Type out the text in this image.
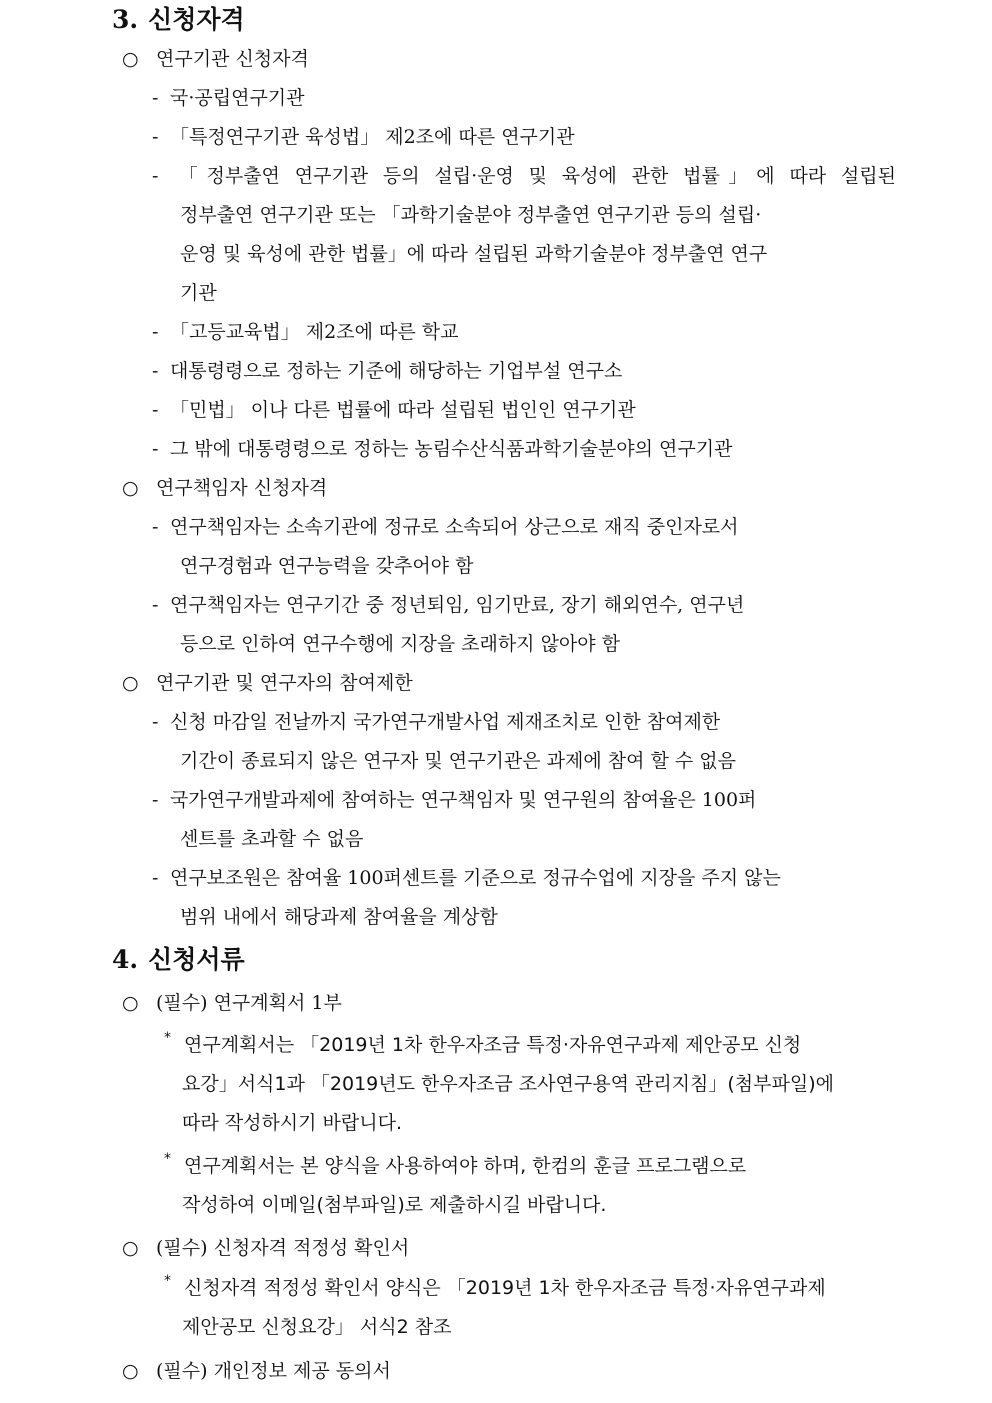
3. 신청자격
○ 연구기관 신청자격
- 국·공립연구기관
- 「특정연구기관 육성법」 제2조에 따른 연구기관
- 「정부출연 연구기관 등의 설립·운영 및 육성에 관한 법률」에 따라 설립된
정부출연 연구기관 또는 「과학기술분야 정부출연 연구기관 등의 설립·
운영 및 육성에 관한 법률」에 따라 설립된 과학기술분야 정부출연 연구
기관
- 「고등교육법」 제2조에 따른 학교
- 대통령령으로 정하는 기준에 해당하는 기업부설 연구소
- 「민법」 이나 다른 법률에 따라 설립된 법인인 연구기관
- 그 밖에 대통령령으로 정하는 농림수산식품과학기술분야의 연구기관
○ 연구책임자 신청자격
- 연구책임자는 소속기관에 정규로 소속되어 상근으로 재직 중인자로서
연구경험과 연구능력을 갖추어야 함
- 연구책임자는 연구기간 중 정년퇴임, 임기만료, 장기 해외연수, 연구년
등으로 인하여 연구수행에 지장을 초래하지 않아야 함
○ 연구기관 및 연구자의 참여제한
- 신청 마감일 전날까지 국가연구개발사업 제재조치로 인한 참여제한
기간이 종료되지 않은 연구자 및 연구기관은 과제에 참여 할 수 없음
- 국가연구개발과제에 참여하는 연구책임자 및 연구원의 참여율은 100퍼
센트를 초과할 수 없음
- 연구보조원은 참여율 100퍼센트를 기준으로 정규수업에 지장을 주지 않는
범위 내에서 해당과제 참여율을 계상함
4. 신청서류
○ (필수) 연구계획서 1부
* 연구계획서는 「2019년 1차 한우자조금 특정·자유연구과제 제안공모 신청
요강」서식1과 「2019년도 한우자조금 조사연구용역 관리지침」(첨부파일)에
따라 작성하시기 바랍니다.
* 연구계획서는 본 양식을 사용하여야 하며, 한컴의 훈글 프로그램으로
작성하여 이메일(첨부파일)로 제출하시길 바랍니다.
○ (필수) 신청자격 적정성 확인서
* 신청자격 적정성 확인서 양식은 「2019년 1차 한우자조금 특정·자유연구과제
제안공모 신청요강」 서식2 참조
○ (필수) 개인정보 제공 동의서
